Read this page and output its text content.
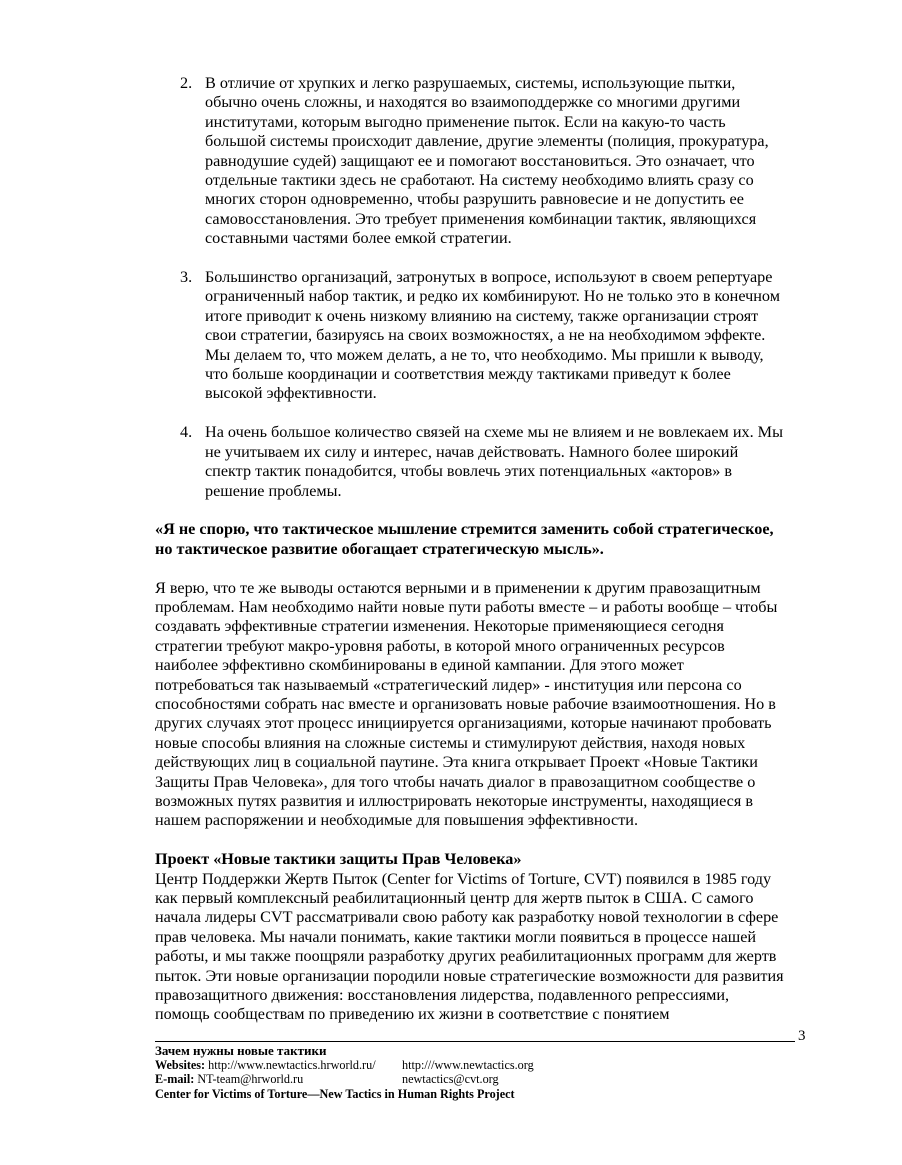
2. В отличие от хрупких и легко разрушаемых, системы, использующие пытки,
обычно очень сложны, и находятся во взаимоподдержке со многими другими
институтами, которым выгодно применение пыток. Если на какую-то часть
большой системы происходит давление, другие элементы (полиция, прокуратура,
равнодушие судей) защищают ее и помогают восстановиться. Это означает, что
отдельные тактики здесь не сработают. На систему необходимо влиять сразу со
многих сторон одновременно, чтобы разрушить равновесие и не допустить ее
самовосстановления. Это требует применения комбинации тактик, являющихся
составными частями более емкой стратегии.
3. Большинство организаций, затронутых в вопросе, используют в своем репертуаре
ограниченный набор тактик, и редко их комбинируют. Но не только это в конечном
итоге приводит к очень низкому влиянию на систему, также организации строят
свои стратегии, базируясь на своих возможностях, а не на необходимом эффекте.
Мы делаем то, что можем делать, а не то, что необходимо. Мы пришли к выводу,
что больше координации и соответствия между тактиками приведут к более
высокой эффективности.
4. На очень большое количество связей на схеме мы не влияем и не вовлекаем их. Мы
не учитываем их силу и интерес, начав действовать. Намного более широкий
спектр тактик понадобится, чтобы вовлечь этих потенциальных «акторов» в
решение проблемы.
«Я не спорю, что тактическое мышление стремится заменить собой стратегическое,
но тактическое развитие обогащает стратегическую мысль».
Я верю, что те же выводы остаются верными и в применении к другим правозащитным
проблемам. Нам необходимо найти новые пути работы вместе – и работы вообще – чтобы
создавать эффективные стратегии изменения. Некоторые применяющиеся сегодня
стратегии требуют макро-уровня работы, в которой много ограниченных ресурсов
наиболее эффективно скомбинированы в единой кампании. Для этого может
потребоваться так называемый «стратегический лидер» - институция или персона со
способностями собрать нас вместе и организовать новые рабочие взаимоотношения. Но в
других случаях этот процесс инициируется организациями, которые начинают пробовать
новые способы влияния на сложные системы и стимулируют действия, находя новых
действующих лиц в социальной паутине. Эта книга открывает Проект «Новые Тактики
Защиты Прав Человека», для того чтобы начать диалог в правозащитном сообществе о
возможных путях развития и иллюстрировать некоторые инструменты, находящиеся в
нашем распоряжении и необходимые для повышения эффективности.
Проект «Новые тактики защиты Прав Человека»
Центр Поддержки Жертв Пыток (Center for Victims of Torture, CVT) появился в 1985 году
как первый комплексный реабилитационный центр для жертв пыток в США. С самого
начала лидеры CVT рассматривали свою работу как разработку новой технологии в сфере
прав человека. Мы начали понимать, какие тактики могли появиться в процессе нашей
работы, и мы также поощряли разработку других реабилитационных программ для жертв
пыток. Эти новые организации породили новые стратегические возможности для развития
правозащитного движения: восстановления лидерства, подавленного репрессиями,
помощь сообществам по приведению их жизни в соответствие с понятием
3
Зачем нужны новые тактики
Websites: http://www.newtactics.hrworld.ru/ http:///www.newtactics.org
E-mail: NT-team@hrworld.ru	newtactics@cvt.org
Center for Victims of Torture—New Tactics in Human Rights Project
